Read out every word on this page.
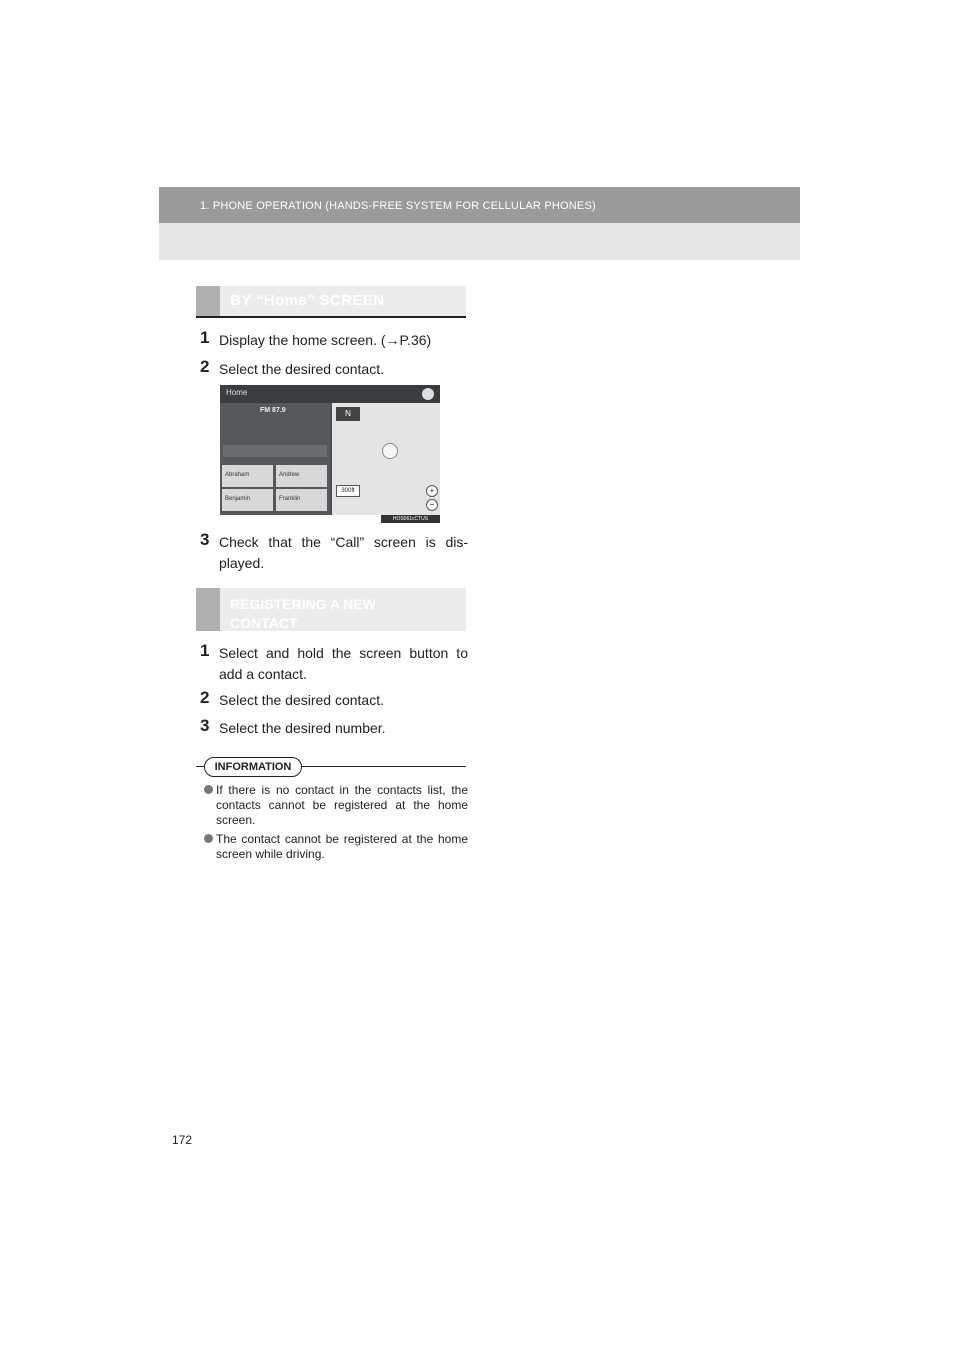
1. PHONE OPERATION (HANDS-FREE SYSTEM FOR CELLULAR PHONES)
BY “Home” SCREEN
1 Display the home screen. (→P.36)
2 Select the desired contact.
Home
FM 87.9
Abraham	Andrew
Benjamin	Franklin
N
300ft	+
−
HOS061cCTUS
3 Check that the “Call” screen is dis-played.
REGISTERING A NEW CONTACT
1 Select and hold the screen button to add a contact.
2 Select the desired contact.
3 Select the desired number.
INFORMATION
If there is no contact in the contacts list, the contacts cannot be registered at the home screen.
The contact cannot be registered at the home screen while driving.
172
